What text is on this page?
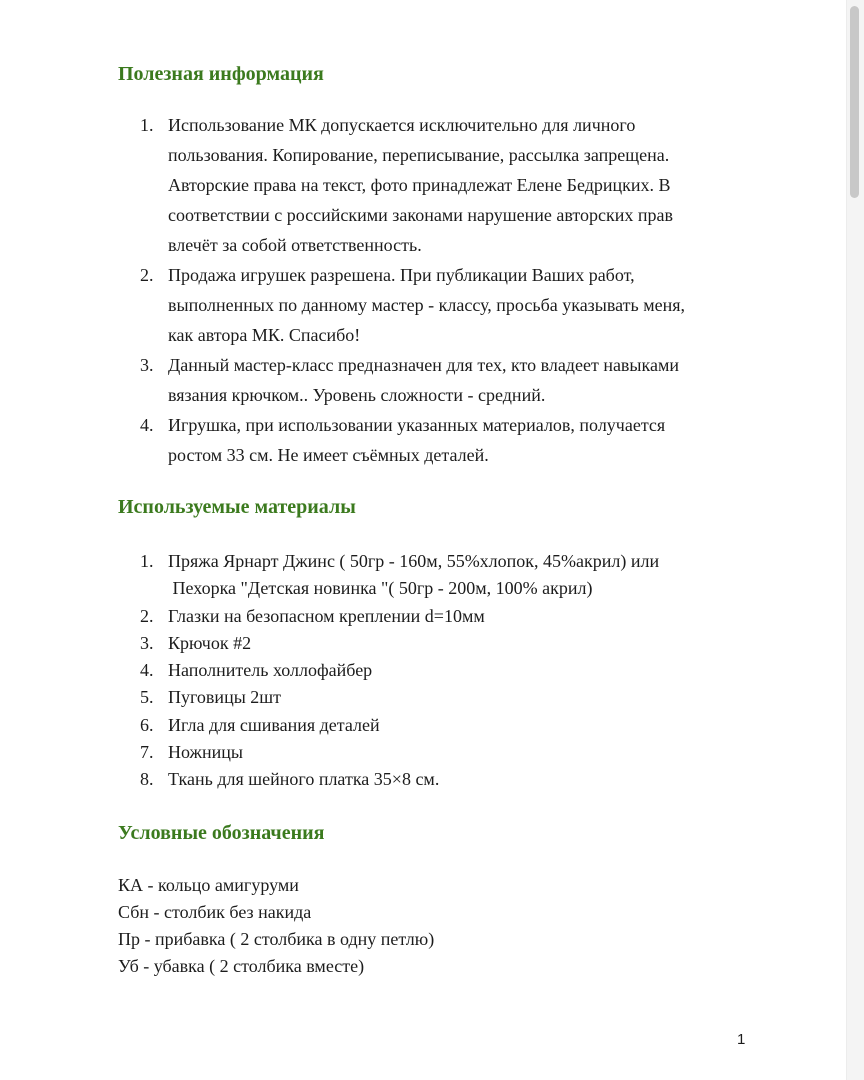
Полезная информация
1. Использование МК допускается исключительно для личного
пользования. Копирование, переписывание, рассылка запрещена.
Авторские права на текст, фото принадлежат Елене Бедрицких. В
соответствии с российскими законами нарушение авторских прав
влечёт за собой ответственность.
2. Продажа игрушек разрешена. При публикации Ваших работ,
выполненных по данному мастер - классу, просьба указывать меня,
как автора МК. Спасибо!
3. Данный мастер-класс предназначен для тех, кто владеет навыками
вязания крючком.. Уровень сложности - средний.
4. Игрушка, при использовании указанных материалов, получается
ростом 33 см. Не имеет съёмных деталей.
Используемые материалы
1. Пряжа Ярнарт Джинс ( 50гр - 160м, 55%хлопок, 45%акрил) или
Пехорка "Детская новинка "( 50гр - 200м, 100% акрил)
2. Глазки на безопасном креплении d=10мм
3. Крючок #2
4. Наполнитель холлофайбер
5. Пуговицы 2шт
6. Игла для сшивания деталей
7. Ножницы
8. Ткань для шейного платка 35×8 см.
Условные обозначения
КА - кольцо амигуруми
Сбн - столбик без накида
Пр - прибавка ( 2 столбика в одну петлю)
Уб - убавка ( 2 столбика вместе)
1
